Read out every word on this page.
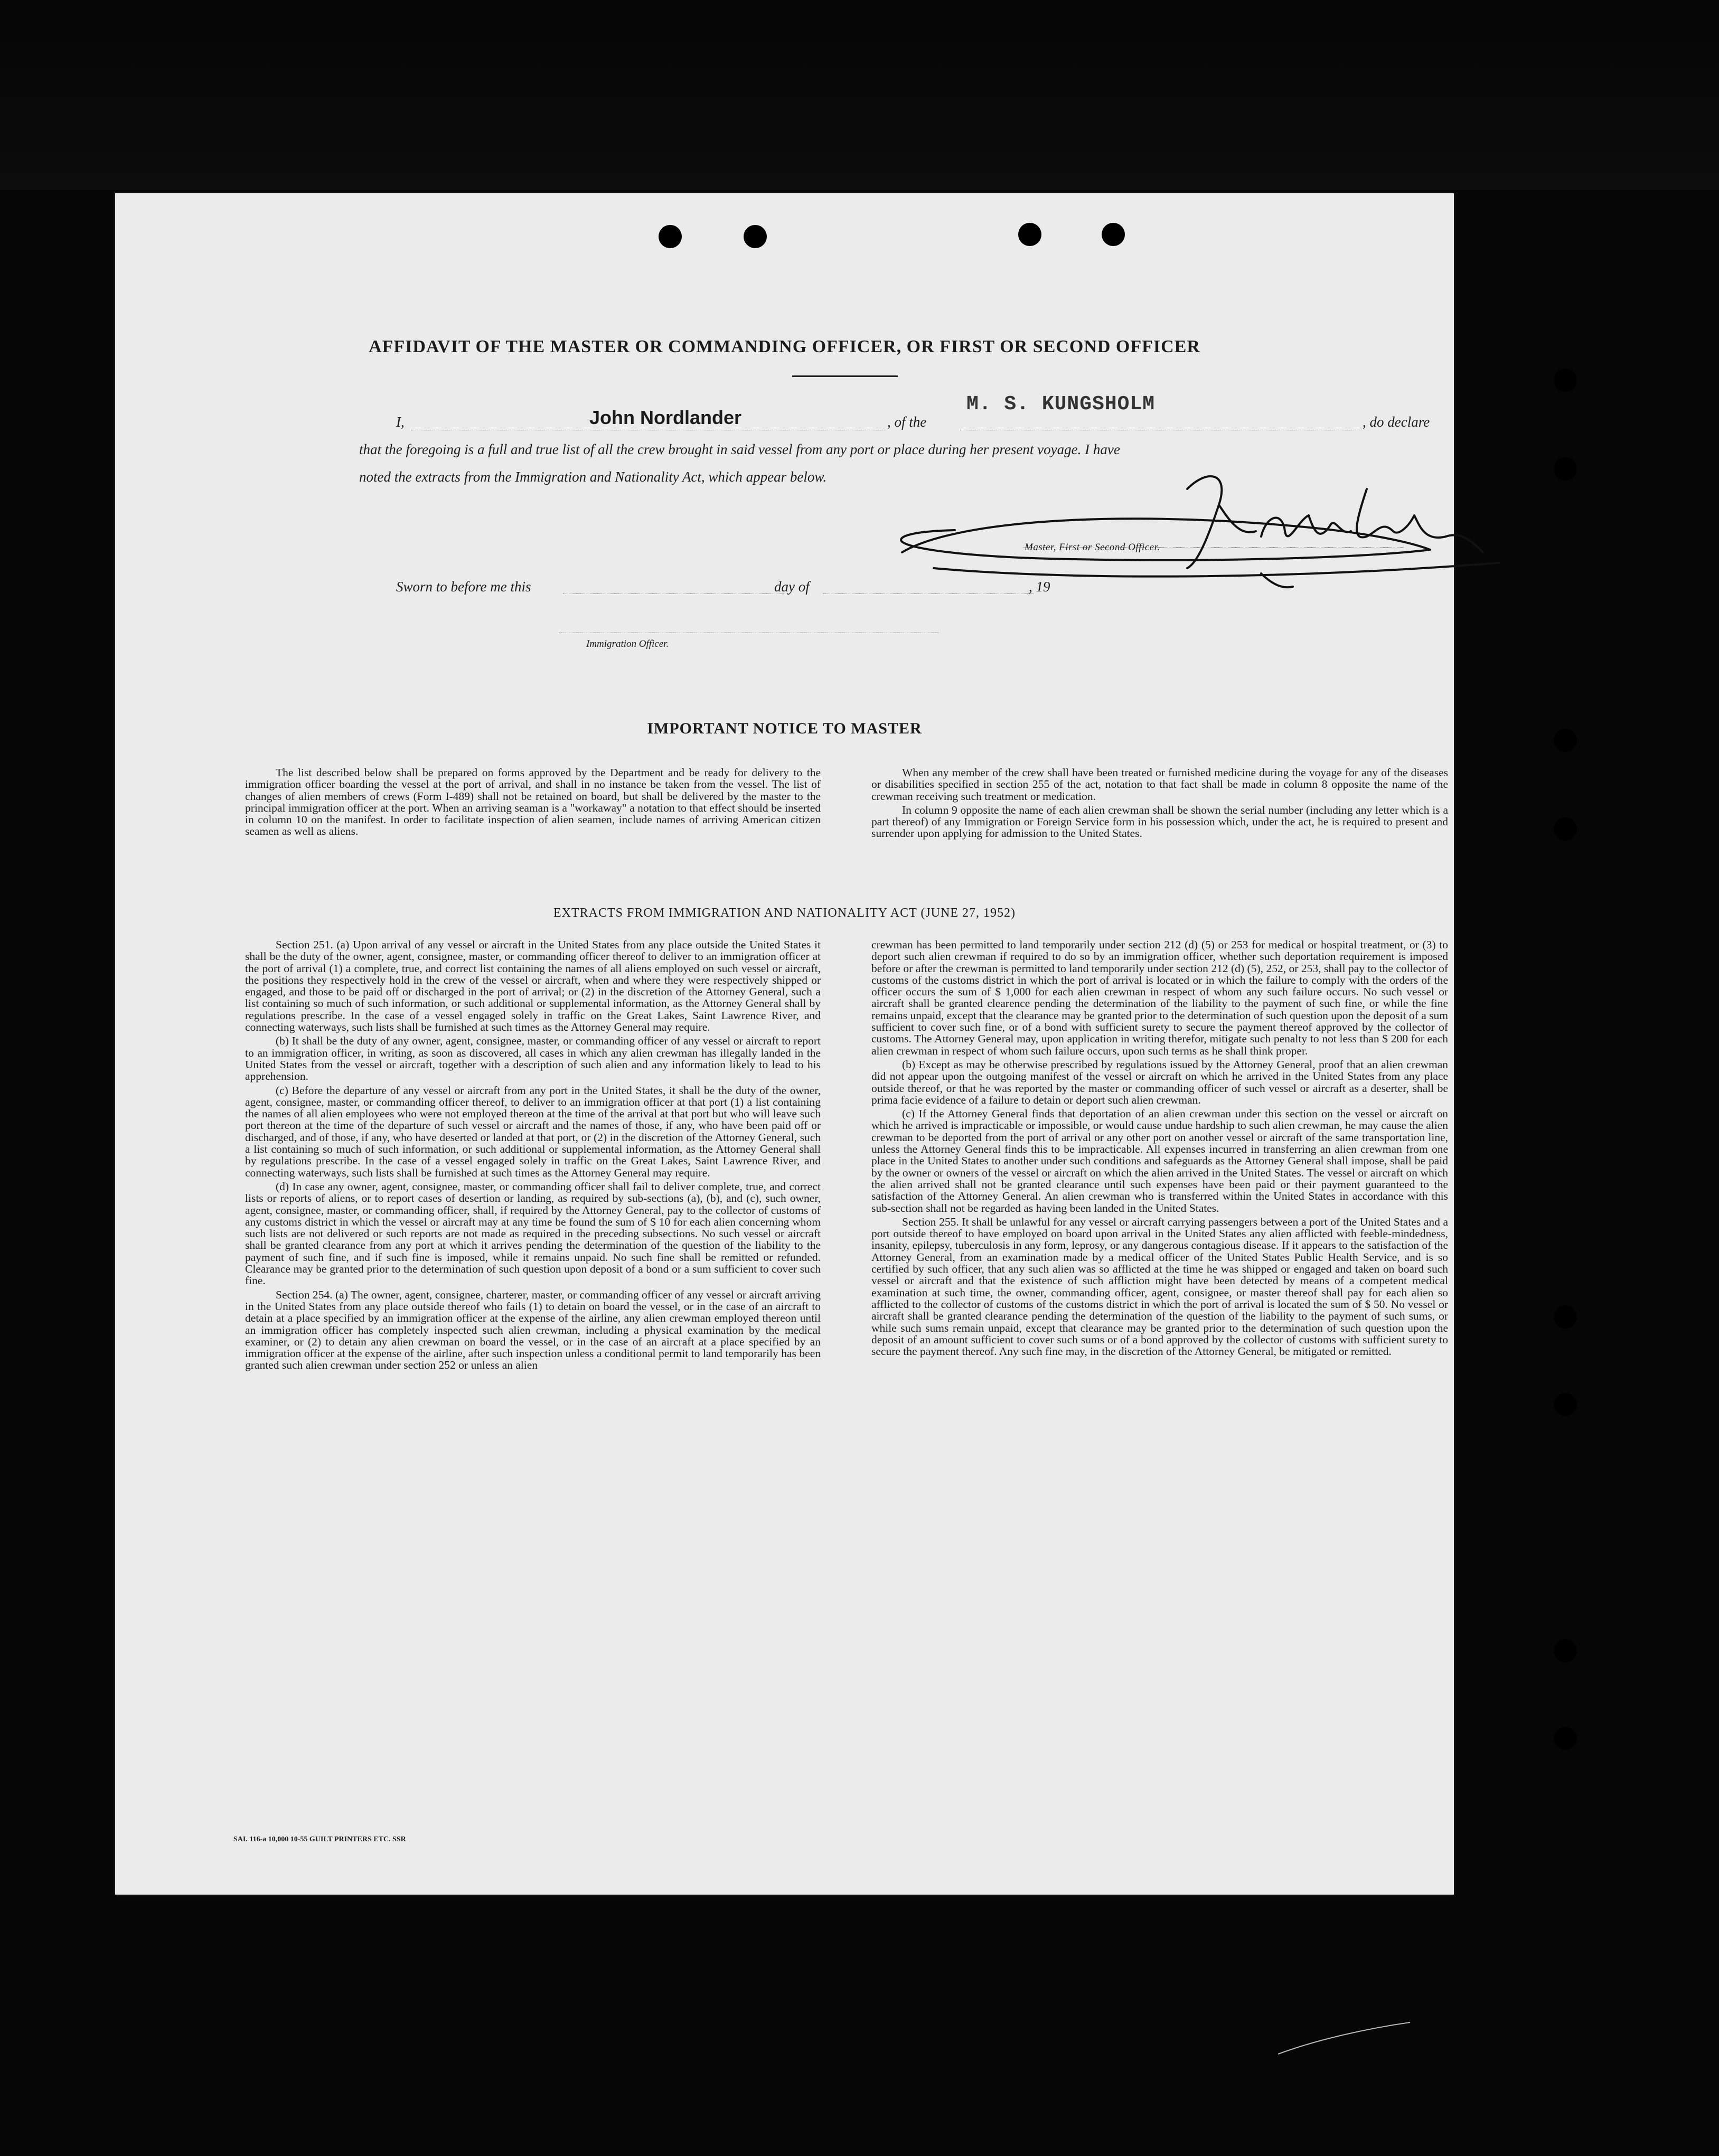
AFFIDAVIT OF THE MASTER OR COMMANDING OFFICER, OR FIRST OR SECOND OFFICER
I,	John Nordlander	, of the
M. S. KUNGSHOLM
, do declare
that the foregoing is a full and true list of all the crew brought in said vessel from any port or place during her present voyage. I have
noted the extracts from the Immigration and Nationality Act, which appear below.
Master, First or Second Officer.
Sworn to before me this	day of	, 19
Immigration Officer.
IMPORTANT NOTICE TO MASTER

The list described below shall be prepared on forms approved by the Department and be ready for delivery to the immigration officer boarding the vessel at the port of arrival, and shall in no instance be taken from the vessel. The list of changes of alien members of crews (Form I-489) shall not be retained on board, but shall be delivered by the master to the principal immigration officer at the port. When an arriving seaman is a "workaway" a notation to that effect should be inserted in column 10 on the manifest. In order to facilitate inspection of alien seamen, include names of arriving American citizen seamen as well as aliens.

When any member of the crew shall have been treated or furnished medicine during the voyage for any of the diseases or disabilities specified in section 255 of the act, notation to that fact shall be made in column 8 opposite the name of the crewman receiving such treatment or medication.

In column 9 opposite the name of each alien crewman shall be shown the serial number (including any letter which is a part thereof) of any Immigration or Foreign Service form in his possession which, under the act, he is required to present and surrender upon applying for admission to the United States.

EXTRACTS FROM IMMIGRATION AND NATIONALITY ACT (JUNE 27, 1952)

Section 251. (a) Upon arrival of any vessel or aircraft in the United States from any place outside the United States it shall be the duty of the owner, agent, consignee, master, or commanding officer thereof to deliver to an immigration officer at the port of arrival (1) a complete, true, and correct list containing the names of all aliens employed on such vessel or aircraft, the positions they respectively hold in the crew of the vessel or aircraft, when and where they were respectively shipped or engaged, and those to be paid off or discharged in the port of arrival; or (2) in the discretion of the Attorney General, such a list containing so much of such information, or such additional or supplemental information, as the Attorney General shall by regulations prescribe. In the case of a vessel engaged solely in traffic on the Great Lakes, Saint Lawrence River, and connecting waterways, such lists shall be furnished at such times as the Attorney General may require.

(b) It shall be the duty of any owner, agent, consignee, master, or commanding officer of any vessel or aircraft to report to an immigration officer, in writing, as soon as discovered, all cases in which any alien crewman has illegally landed in the United States from the vessel or aircraft, together with a description of such alien and any information likely to lead to his apprehension.

(c) Before the departure of any vessel or aircraft from any port in the United States, it shall be the duty of the owner, agent, consignee, master, or commanding officer thereof, to deliver to an immigration officer at that port (1) a list containing the names of all alien employees who were not employed thereon at the time of the arrival at that port but who will leave such port thereon at the time of the departure of such vessel or aircraft and the names of those, if any, who have been paid off or discharged, and of those, if any, who have deserted or landed at that port, or (2) in the discretion of the Attorney General, such a list containing so much of such information, or such additional or supplemental information, as the Attorney General shall by regulations prescribe. In the case of a vessel engaged solely in traffic on the Great Lakes, Saint Lawrence River, and connecting waterways, such lists shall be furnished at such times as the Attorney General may require.

(d) In case any owner, agent, consignee, master, or commanding officer shall fail to deliver complete, true, and correct lists or reports of aliens, or to report cases of desertion or landing, as required by sub-sections (a), (b), and (c), such owner, agent, consignee, master, or commanding officer, shall, if required by the Attorney General, pay to the collector of customs of any customs district in which the vessel or aircraft may at any time be found the sum of $ 10 for each alien concerning whom such lists are not delivered or such reports are not made as required in the preceding subsections. No such vessel or aircraft shall be granted clearance from any port at which it arrives pending the determination of the question of the liability to the payment of such fine, and if such fine is imposed, while it remains unpaid. No such fine shall be remitted or refunded. Clearance may be granted prior to the determination of such question upon deposit of a bond or a sum sufficient to cover such fine.

Section 254. (a) The owner, agent, consignee, charterer, master, or commanding officer of any vessel or aircraft arriving in the United States from any place outside thereof who fails (1) to detain on board the vessel, or in the case of an aircraft to detain at a place specified by an immigration officer at the expense of the airline, any alien crewman employed thereon until an immigration officer has completely inspected such alien crewman, including a physical examination by the medical examiner, or (2) to detain any alien crewman on board the vessel, or in the case of an aircraft at a place specified by an immigration officer at the expense of the airline, after such inspection unless a conditional permit to land temporarily has been granted such alien crewman under section 252 or unless an alien

crewman has been permitted to land temporarily under section 212 (d) (5) or 253 for medical or hospital treatment, or (3) to deport such alien crewman if required to do so by an immigration officer, whether such deportation requirement is imposed before or after the crewman is permitted to land temporarily under section 212 (d) (5), 252, or 253, shall pay to the collector of customs of the customs district in which the port of arrival is located or in which the failure to comply with the orders of the officer occurs the sum of $ 1,000 for each alien crewman in respect of whom any such failure occurs. No such vessel or aircraft shall be granted clearence pending the determination of the liability to the payment of such fine, or while the fine remains unpaid, except that the clearance may be granted prior to the determination of such question upon the deposit of a sum sufficient to cover such fine, or of a bond with sufficient surety to secure the payment thereof approved by the collector of customs. The Attorney General may, upon application in writing therefor, mitigate such penalty to not less than $ 200 for each alien crewman in respect of whom such failure occurs, upon such terms as he shall think proper.

(b) Except as may be otherwise prescribed by regulations issued by the Attorney General, proof that an alien crewman did not appear upon the outgoing manifest of the vessel or aircraft on which he arrived in the United States from any place outside thereof, or that he was reported by the master or commanding officer of such vessel or aircraft as a deserter, shall be prima facie evidence of a failure to detain or deport such alien crewman.

(c) If the Attorney General finds that deportation of an alien crewman under this section on the vessel or aircraft on which he arrived is impracticable or impossible, or would cause undue hardship to such alien crewman, he may cause the alien crewman to be deported from the port of arrival or any other port on another vessel or aircraft of the same transportation line, unless the Attorney General finds this to be impracticable. All expenses incurred in transferring an alien crewman from one place in the United States to another under such conditions and safeguards as the Attorney General shall impose, shall be paid by the owner or owners of the vessel or aircraft on which the alien arrived in the United States. The vessel or aircraft on which the alien arrived shall not be granted clearance until such expenses have been paid or their payment guaranteed to the satisfaction of the Attorney General. An alien crewman who is transferred within the United States in accordance with this sub-section shall not be regarded as having been landed in the United States.

Section 255. It shall be unlawful for any vessel or aircraft carrying passengers between a port of the United States and a port outside thereof to have employed on board upon arrival in the United States any alien afflicted with feeble-mindedness, insanity, epilepsy, tuberculosis in any form, leprosy, or any dangerous contagious disease. If it appears to the satisfaction of the Attorney General, from an examination made by a medical officer of the United States Public Health Service, and is so certified by such officer, that any such alien was so afflicted at the time he was shipped or engaged and taken on board such vessel or aircraft and that the existence of such affliction might have been detected by means of a competent medical examination at such time, the owner, commanding officer, agent, consignee, or master thereof shall pay for each alien so afflicted to the collector of customs of the customs district in which the port of arrival is located the sum of $ 50. No vessel or aircraft shall be granted clearance pending the determination of the question of the liability to the payment of such sums, or while such sums remain unpaid, except that clearance may be granted prior to the determination of such question upon the deposit of an amount sufficient to cover such sums or of a bond approved by the collector of customs with sufficient surety to secure the payment thereof. Any such fine may, in the discretion of the Attorney General, be mitigated or remitted.

SAI. 116-a 10,000 10-55 GUILT PRINTERS ETC. SSR
